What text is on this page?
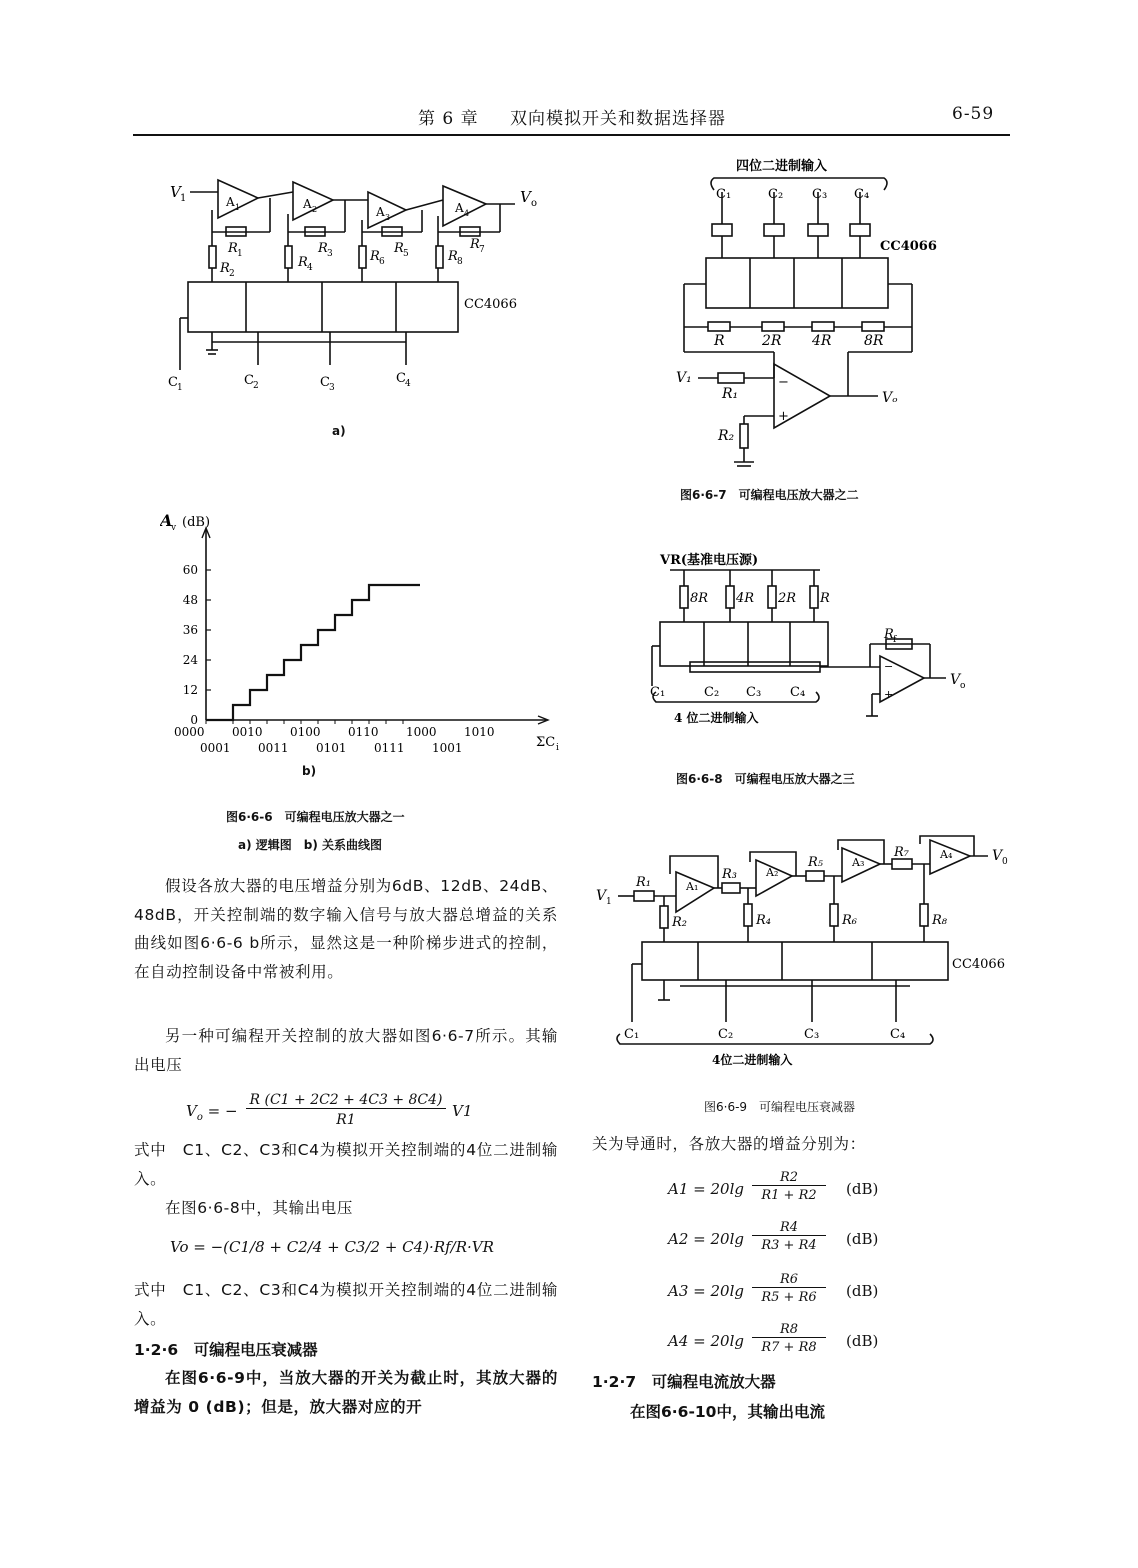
第 6 章 双向模拟开关和数据选择器	6-59
V 1	V o
A 1	A 2	A 3
A 4
R 1
R 2
R 3
R 4
R 5
R 6
R 7
R 8
CC4066
C 1	C 2	C 3
C 4
a)
A
v (dB)
0
12
24
36
48
60
0000 0010 0100 0110 1000 1010
0001 0011 0101 0111 1001	ΣC i
b)
图6·6-6　可编程电压放大器之一
a) 逻辑图　b) 关系曲线图
四位二进制输入
C₁	C₂ C₃ C₄
CC4066
R	2R 4R 8R
V₁
R₁
R₂
Vₒ
−
+
图6·6-7　可编程电压放大器之二
VR(基准电压源)
8R 4R 2R R
R f
V o
C₁	C₂ C₃ C₄
4 位二进制输入
−
+
图6·6-8　可编程电压放大器之三
V 1
V 0
R₁
R₂
R₃
R₄
R₅
R₆
R₇
R₈
A₁
A₂
A₃
A₄
CC4066
C₁	C₂	C₃	C₄
4位二进制输入
图6·6-9　可编程电压衰减器
假设各放大器的电压增益分别为6dB、12dB、24dB、48dB，开关控制端的数字输入信号与放大器总增益的关系曲线如图6·6-6 b所示，显然这是一种阶梯步进式的控制，在自动控制设备中常被利用。
另一种可编程开关控制的放大器如图6·6-7所示。其输出电压
$V_o$ = −
R (C1 + 2C2 + 4C3 + 8C4)
R1	V1
式中　C1、C2、C3和C4为模拟开关控制端的4位二进制输入。
在图6·6-8中，其输出电压
Vo = −(C1/8 + C2/4 + C3/2 + C4)·Rf/R·VR
式中　C1、C2、C3和C4为模拟开关控制端的4位二进制输入。
1·2·6　可编程电压衰减器
在图6·6-9中，当放大器的开关为截止时，其放大器的增益为 0 (dB)；但是，放大器对应的开
关为导通时，各放大器的增益分别为：
A1 = 20lg
R2
R1 + R2	(dB)
A2 = 20lg
R4
R3 + R4	(dB)
A3 = 20lg
R6
R5 + R6	(dB)
A4 = 20lg
R8
R7 + R8	(dB)
1·2·7　可编程电流放大器
在图6·6-10中，其输出电流
